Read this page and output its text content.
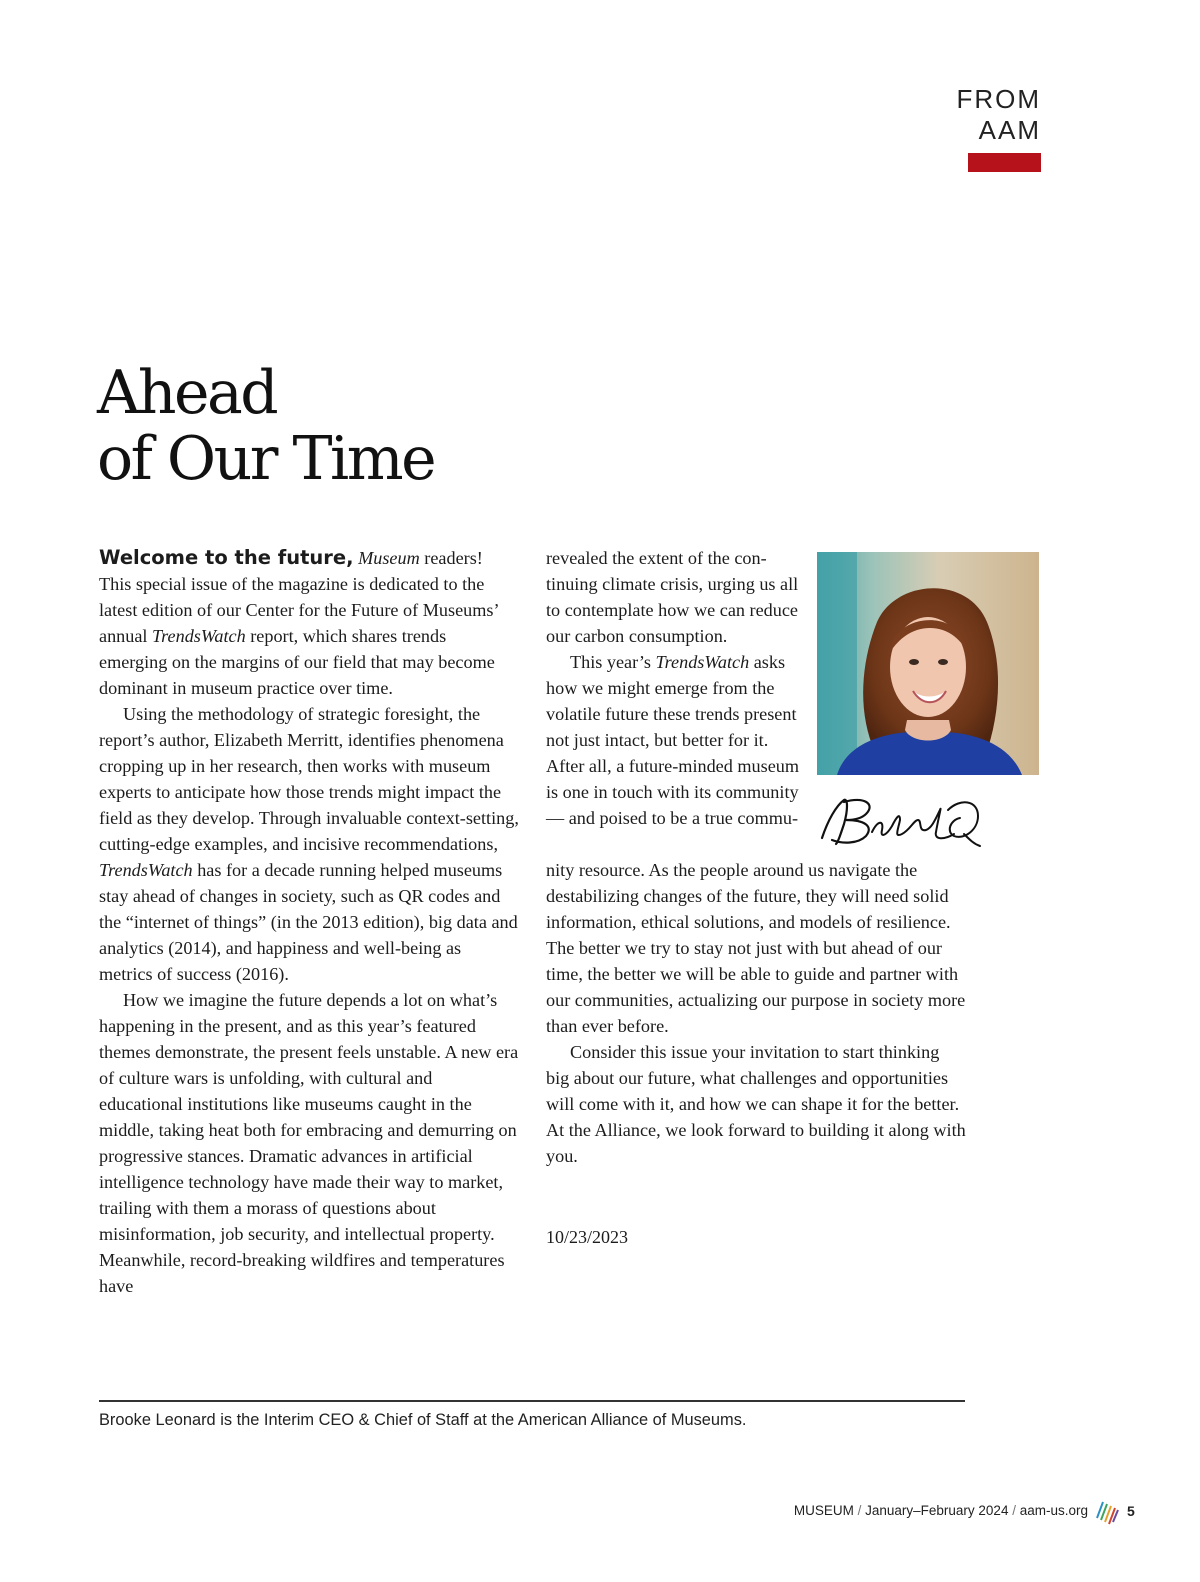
FROM
AAM
Ahead
of Our Time

Welcome to the future, Museum readers! This special issue of the magazine is dedicated to the latest edition of our Center for the Future of Museums’ annual TrendsWatch report, which shares trends emerging on the margins of our field that may become dominant in museum practice over time.

Using the methodology of strategic foresight, the report’s author, Elizabeth Merritt, identifies phenomena cropping up in her research, then works with museum experts to anticipate how those trends might impact the field as they develop. Through invaluable context-setting, cutting-edge examples, and incisive recommendations, TrendsWatch has for a decade running helped museums stay ahead of changes in society, such as QR codes and the “internet of things” (in the 2013 edition), big data and analytics (2014), and happiness and well-being as metrics of success (2016).

How we imagine the future depends a lot on what’s happening in the present, and as this year’s featured themes demonstrate, the present feels unstable. A new era of culture wars is unfolding, with cultural and educational institutions like museums caught in the middle, taking heat both for embracing and demurring on progressive stances. Dramatic advances in artificial intelligence technology have made their way to market, trailing with them a morass of questions about misinformation, job security, and intellectual property. Meanwhile, record-breaking wildfires and temperatures have

revealed the extent of the continuing climate crisis, urging us all to contemplate how we can reduce our carbon consumption.

This year’s TrendsWatch asks how we might emerge from the volatile future these trends present not just intact, but better for it. After all, a future-minded museum is one in touch with its community— and poised to be a true commu-

nity resource. As the people around us navigate the destabilizing changes of the future, they will need solid information, ethical solutions, and models of resilience. The better we try to stay not just with but ahead of our time, the better we will be able to guide and partner with our communities, actualizing our purpose in society more than ever before.

Consider this issue your invitation to start thinking big about our future, what challenges and opportunities will come with it, and how we can shape it for the better. At the Alliance, we look forward to building it along with you.

10/23/2023
Brooke Leonard is the Interim CEO & Chief of Staff at the American Alliance of Museums.
MUSEUM / January–February 2024 / aam-us.org	5
